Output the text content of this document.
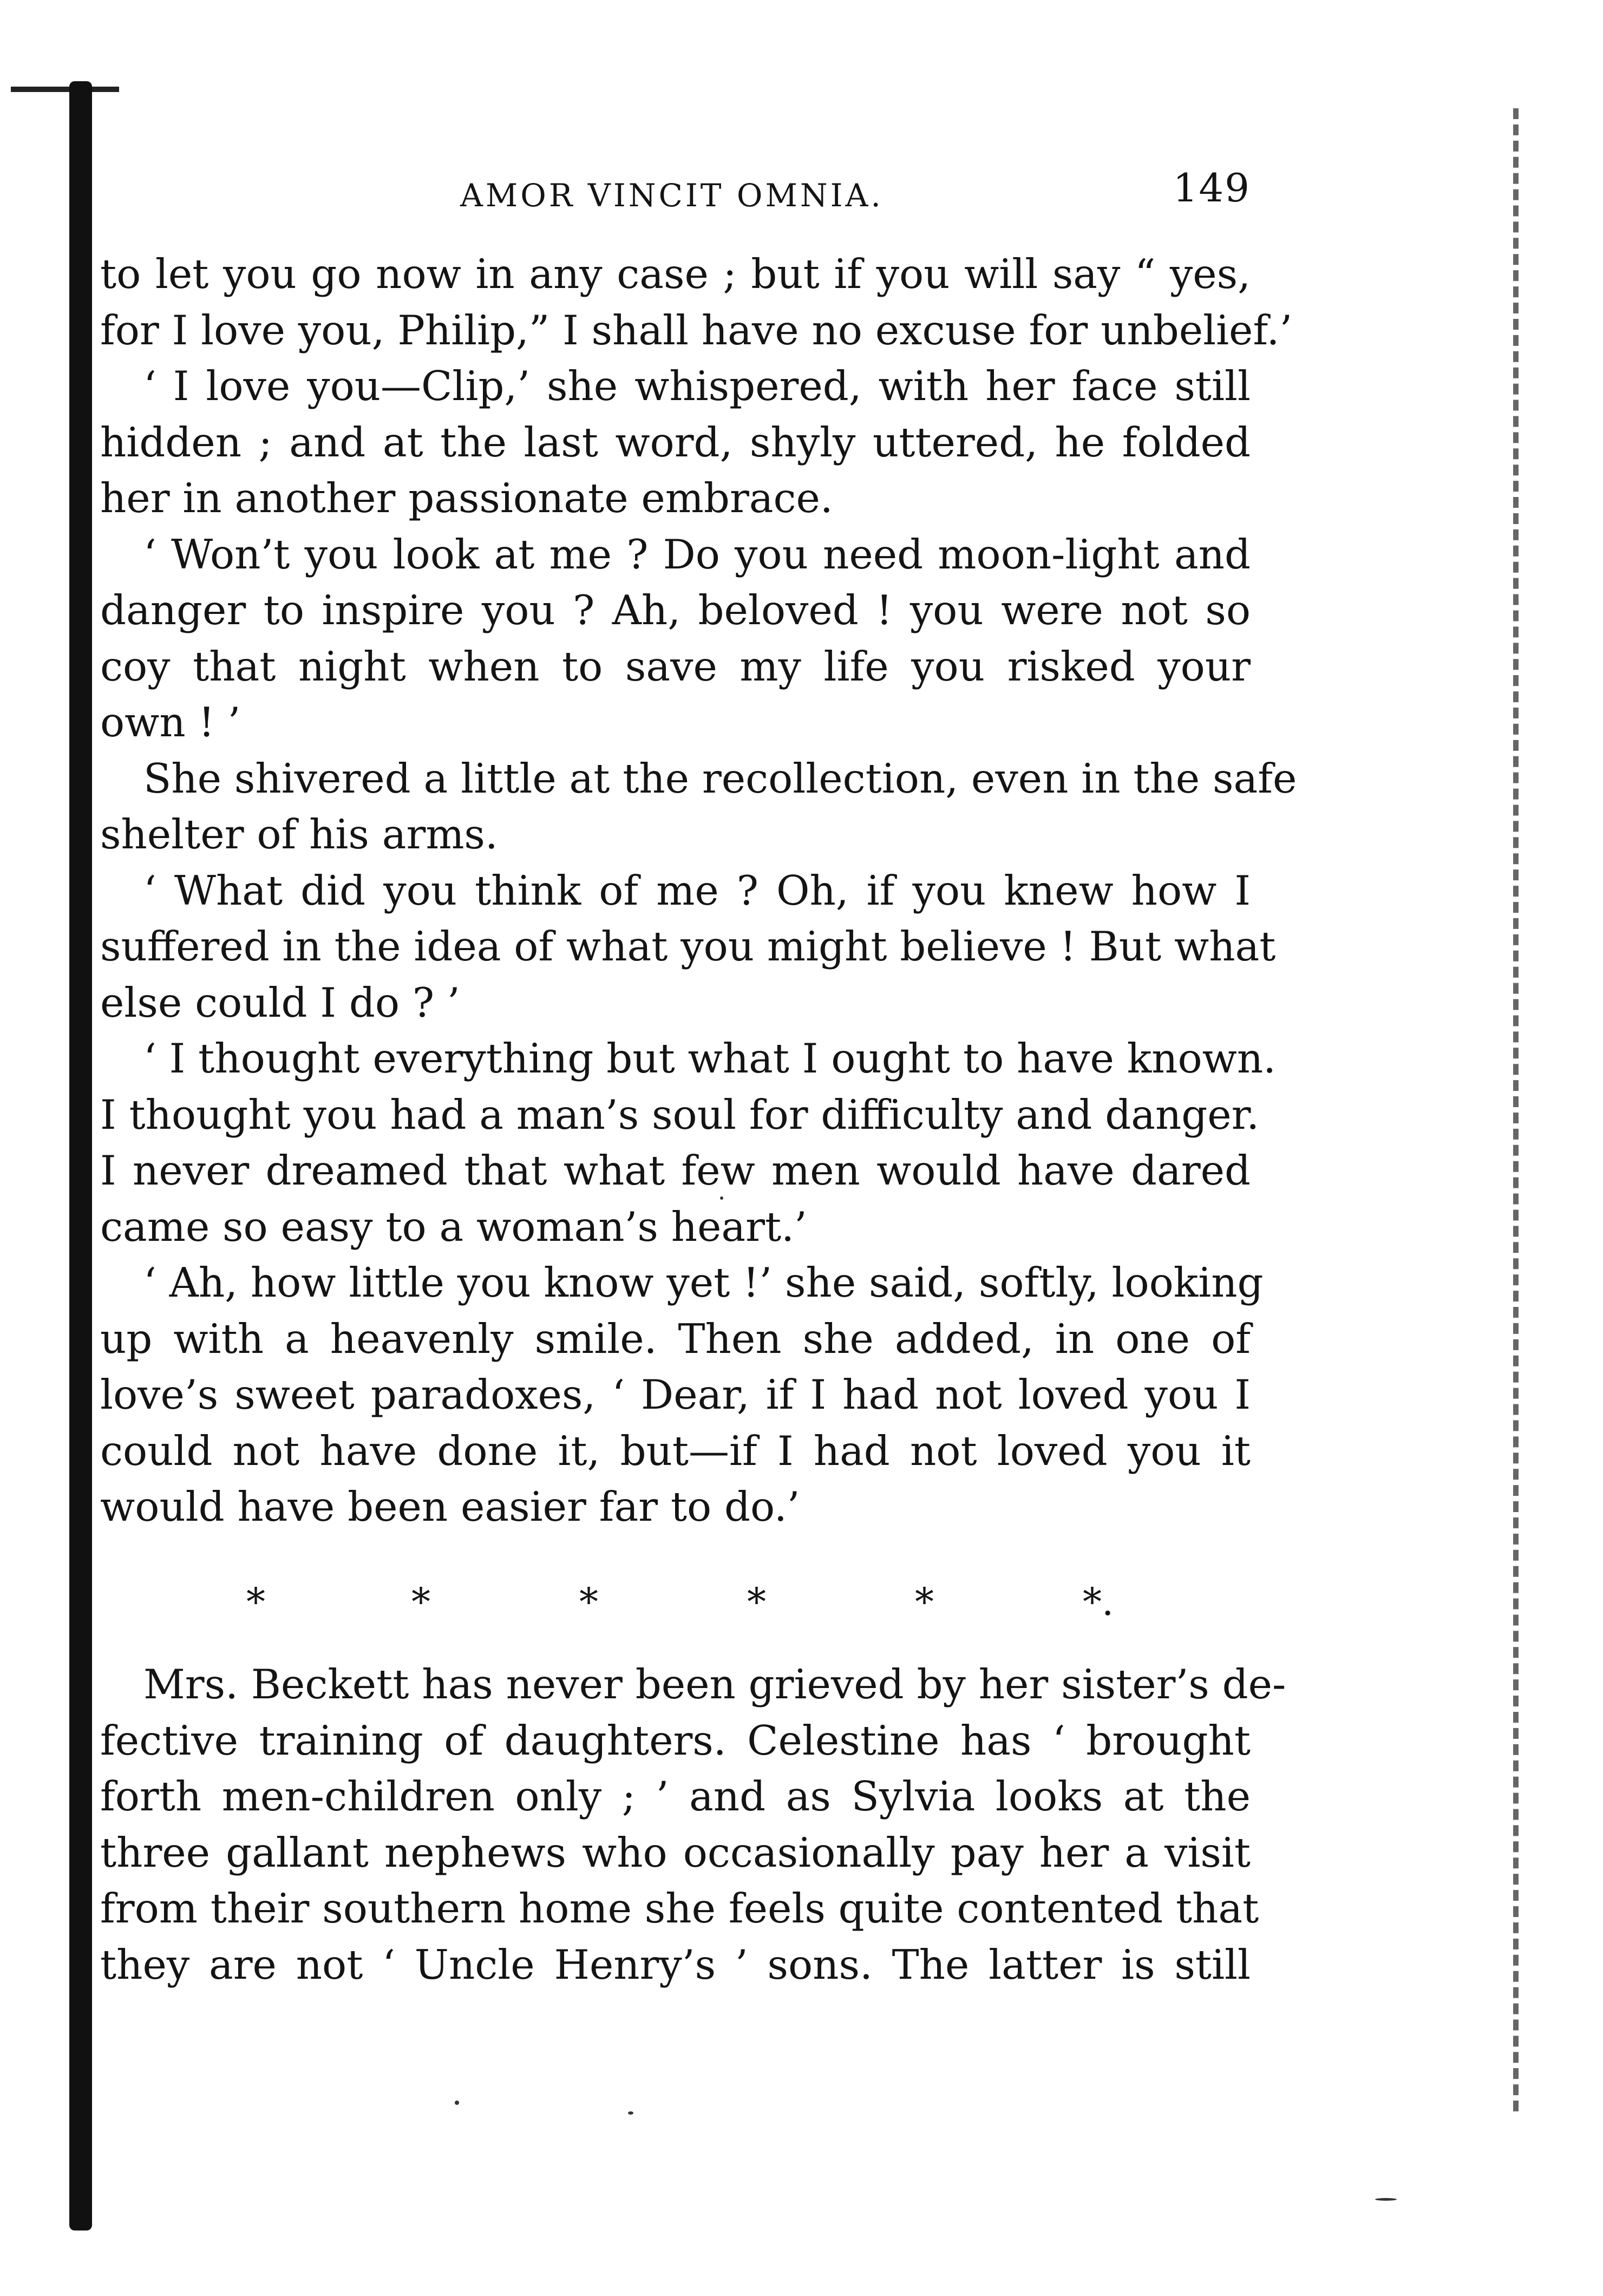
AMOR VINCIT OMNIA.	149
to let you go now in any case ; but if you will say “ yes,
for I love you, Philip,” I shall have no excuse for unbelief.’
‘ I love you—Clip,’ she whispered, with her face still
hidden ; and at the last word, shyly uttered, he folded
her in another passionate embrace.
‘ Won’t you look at me ? Do you need moon-light and
danger to inspire you ? Ah, beloved ! you were not so
coy that night when to save my life you risked your
own ! ’
She shivered a little at the recollection, even in the safe
shelter of his arms.
‘ What did you think of me ? Oh, if you knew how I
suffered in the idea of what you might believe ! But what
else could I do ? ’
‘ I thought everything but what I ought to have known.
I thought you had a man’s soul for difficulty and danger.
I never dreamed that what few men would have dared
came so easy to a woman’s heart.’
‘ Ah, how little you know yet !’ she said, softly, looking
up with a heavenly smile. Then she added, in one of
love’s sweet paradoxes, ‘ Dear, if I had not loved you I
could not have done it, but—if I had not loved you it
would have been easier far to do.’
*	*	*	*	*	*.
Mrs. Beckett has never been grieved by her sister’s de-
fective training of daughters. Celestine has ‘ brought
forth men-children only ; ’ and as Sylvia looks at the
three gallant nephews who occasionally pay her a visit
from their southern home she feels quite contented that
they are not ‘ Uncle Henry’s ’ sons. The latter is still
